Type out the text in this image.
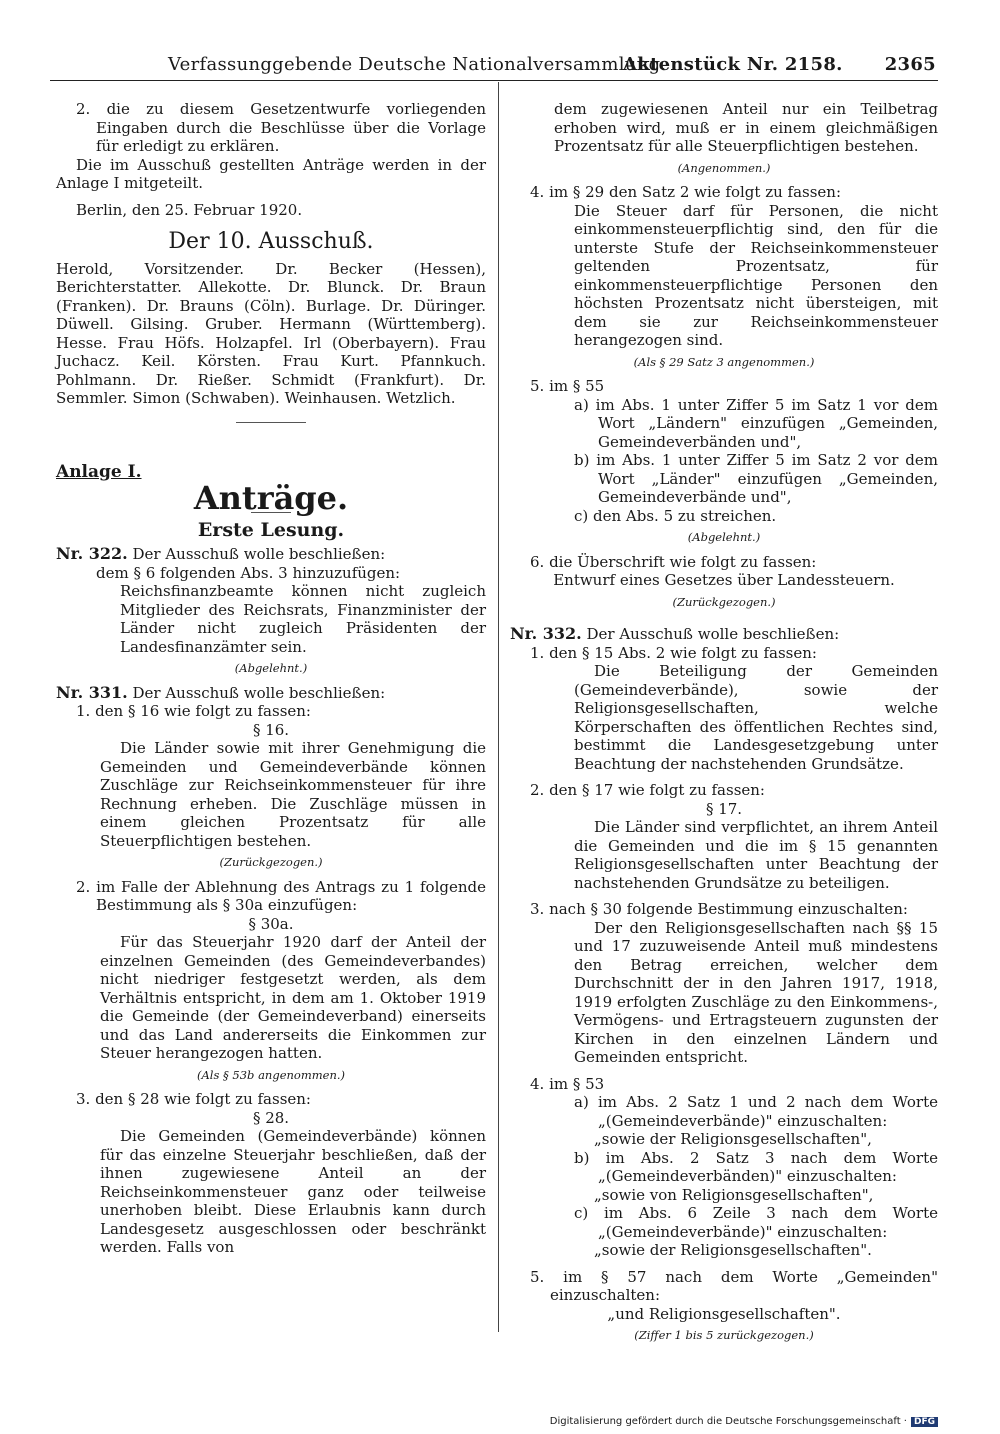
Verfassunggebende Deutsche Nationalversammlung.
Aktenstück Nr. 2158. 2365

2. die zu diesem Gesetzentwurfe vorliegenden Eingaben durch die Beschlüsse über die Vorlage für erledigt zu erklären.

Die im Ausschuß gestellten Anträge werden in der Anlage I mitgeteilt.

Berlin, den 25. Februar 1920.

Der 10. Ausschuß.

Herold, Vorsitzender. Dr. Becker (Hessen), Berichterstatter. Allekotte. Dr. Blunck. Dr. Braun (Franken). Dr. Brauns (Cöln). Burlage. Dr. Düringer. Düwell. Gilsing. Gruber. Hermann (Württemberg). Hesse. Frau Höfs. Holzapfel. Irl (Oberbayern). Frau Juchacz. Keil. Körsten. Frau Kurt. Pfannkuch. Pohlmann. Dr. Rießer. Schmidt (Frankfurt). Dr. Semmler. Simon (Schwaben). Weinhausen. Wetzlich.

Anlage I.

Anträge.

Erste Lesung.

Nr. 322. Der Ausschuß wolle beschließen:

dem § 6 folgenden Abs. 3 hinzuzufügen:

Reichsfinanzbeamte können nicht zugleich Mitglieder des Reichsrats, Finanzminister der Länder nicht zugleich Präsidenten der Landesfinanzämter sein.

(Abgelehnt.)

Nr. 331. Der Ausschuß wolle beschließen:

1. den § 16 wie folgt zu fassen:

§ 16.

Die Länder sowie mit ihrer Genehmigung die Gemeinden und Gemeindeverbände können Zuschläge zur Reichseinkommensteuer für ihre Rechnung erheben. Die Zuschläge müssen in einem gleichen Prozentsatz für alle Steuerpflichtigen bestehen.

(Zurückgezogen.)

2. im Falle der Ablehnung des Antrags zu 1 folgende Bestimmung als § 30a einzufügen:

§ 30a.

Für das Steuerjahr 1920 darf der Anteil der einzelnen Gemeinden (des Gemeindeverbandes) nicht niedriger festgesetzt werden, als dem Verhältnis entspricht, in dem am 1. Oktober 1919 die Gemeinde (der Gemeindeverband) einerseits und das Land andererseits die Einkommen zur Steuer herangezogen hatten.

(Als § 53b angenommen.)

3. den § 28 wie folgt zu fassen:

§ 28.

Die Gemeinden (Gemeindeverbände) können für das einzelne Steuerjahr beschließen, daß der ihnen zugewiesene Anteil an der Reichseinkommensteuer ganz oder teilweise unerhoben bleibt. Diese Erlaubnis kann durch Landesgesetz ausgeschlossen oder beschränkt werden. Falls von

dem zugewiesenen Anteil nur ein Teilbetrag erhoben wird, muß er in einem gleichmäßigen Prozentsatz für alle Steuerpflichtigen bestehen.

(Angenommen.)

4. im § 29 den Satz 2 wie folgt zu fassen:

Die Steuer darf für Personen, die nicht einkommensteuerpflichtig sind, den für die unterste Stufe der Reichseinkommensteuer geltenden Prozentsatz, für einkommensteuerpflichtige Personen den höchsten Prozentsatz nicht übersteigen, mit dem sie zur Reichseinkommensteuer herangezogen sind.

(Als § 29 Satz 3 angenommen.)

5. im § 55

a) im Abs. 1 unter Ziffer 5 im Satz 1 vor dem Wort „Ländern" einzufügen „Gemeinden, Gemeindeverbänden und",

b) im Abs. 1 unter Ziffer 5 im Satz 2 vor dem Wort „Länder" einzufügen „Gemeinden, Gemeindeverbände und",

c) den Abs. 5 zu streichen.

(Abgelehnt.)

6. die Überschrift wie folgt zu fassen:

Entwurf eines Gesetzes über Landessteuern.

(Zurückgezogen.)

Nr. 332. Der Ausschuß wolle beschließen:

1. den § 15 Abs. 2 wie folgt zu fassen:

Die Beteiligung der Gemeinden (Gemeindeverbände), sowie der Religionsgesellschaften, welche Körperschaften des öffentlichen Rechtes sind, bestimmt die Landesgesetzgebung unter Beachtung der nachstehenden Grundsätze.

2. den § 17 wie folgt zu fassen:

§ 17.

Die Länder sind verpflichtet, an ihrem Anteil die Gemeinden und die im § 15 genannten Religionsgesellschaften unter Beachtung der nachstehenden Grundsätze zu beteiligen.

3. nach § 30 folgende Bestimmung einzuschalten:

Der den Religionsgesellschaften nach §§ 15 und 17 zuzuweisende Anteil muß mindestens den Betrag erreichen, welcher dem Durchschnitt der in den Jahren 1917, 1918, 1919 erfolgten Zuschläge zu den Einkommens-, Vermögens- und Ertragsteuern zugunsten der Kirchen in den einzelnen Ländern und Gemeinden entspricht.

4. im § 53

a) im Abs. 2 Satz 1 und 2 nach dem Worte „(Gemeindeverbände)" einzuschalten:

„sowie der Religionsgesellschaften",

b) im Abs. 2 Satz 3 nach dem Worte „(Gemeindeverbänden)" einzuschalten:

„sowie von Religionsgesellschaften",

c) im Abs. 6 Zeile 3 nach dem Worte „(Gemeindeverbände)" einzuschalten:

„sowie der Religionsgesellschaften".

5. im § 57 nach dem Worte „Gemeinden" einzuschalten:

„und Religionsgesellschaften".

(Ziffer 1 bis 5 zurückgezogen.)

Digitalisierung gefördert durch die Deutsche Forschungsgemeinschaft · DFG
